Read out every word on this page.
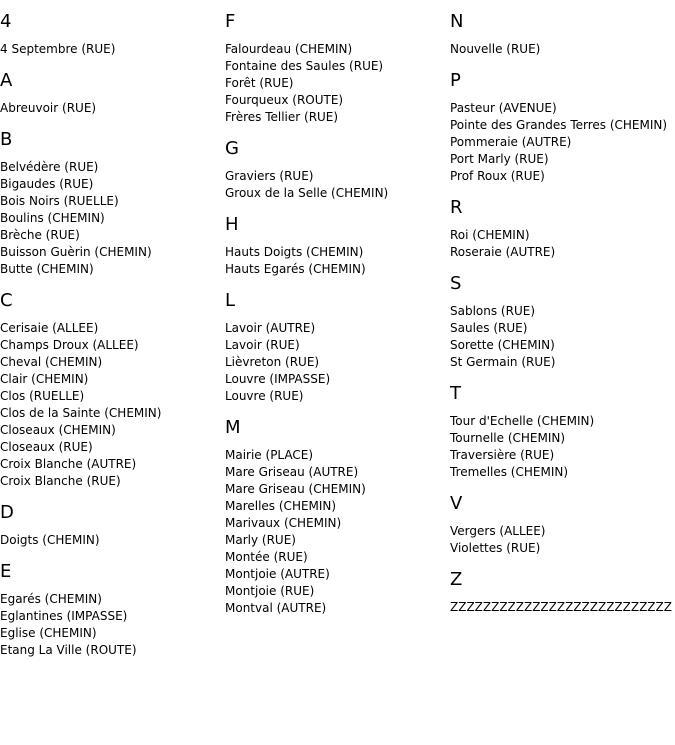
4
4 Septembre (RUE)
A
Abreuvoir (RUE)
B
Belvédère (RUE)
Bigaudes (RUE)
Bois Noirs (RUELLE)
Boulins (CHEMIN)
Brèche (RUE)
Buisson Guèrin (CHEMIN)
Butte (CHEMIN)
C
Cerisaie (ALLEE)
Champs Droux (ALLEE)
Cheval (CHEMIN)
Clair (CHEMIN)
Clos (RUELLE)
Clos de la Sainte (CHEMIN)
Closeaux (CHEMIN)
Closeaux (RUE)
Croix Blanche (AUTRE)
Croix Blanche (RUE)
D
Doigts (CHEMIN)
E
Egarés (CHEMIN)
Eglantines (IMPASSE)
Eglise (CHEMIN)
Etang La Ville (ROUTE)
F
Falourdeau (CHEMIN)
Fontaine des Saules (RUE)
Forêt (RUE)
Fourqueux (ROUTE)
Frères Tellier (RUE)
G
Graviers (RUE)
Groux de la Selle (CHEMIN)
H
Hauts Doigts (CHEMIN)
Hauts Egarés (CHEMIN)
L
Lavoir (AUTRE)
Lavoir (RUE)
Lièvreton (RUE)
Louvre (IMPASSE)
Louvre (RUE)
M
Mairie (PLACE)
Mare Griseau (AUTRE)
Mare Griseau (CHEMIN)
Marelles (CHEMIN)
Marivaux (CHEMIN)
Marly (RUE)
Montée (RUE)
Montjoie (AUTRE)
Montjoie (RUE)
Montval (AUTRE)
N
Nouvelle (RUE)
P
Pasteur (AVENUE)
Pointe des Grandes Terres (CHEMIN)
Pommeraie (AUTRE)
Port Marly (RUE)
Prof Roux (RUE)
R
Roi (CHEMIN)
Roseraie (AUTRE)
S
Sablons (RUE)
Saules (RUE)
Sorette (CHEMIN)
St Germain (RUE)
T
Tour d'Echelle (CHEMIN)
Tournelle (CHEMIN)
Traversière (RUE)
Tremelles (CHEMIN)
V
Vergers (ALLEE)
Violettes (RUE)
Z
ZZZZZZZZZZZZZZZZZZZZZZZZZZZ
